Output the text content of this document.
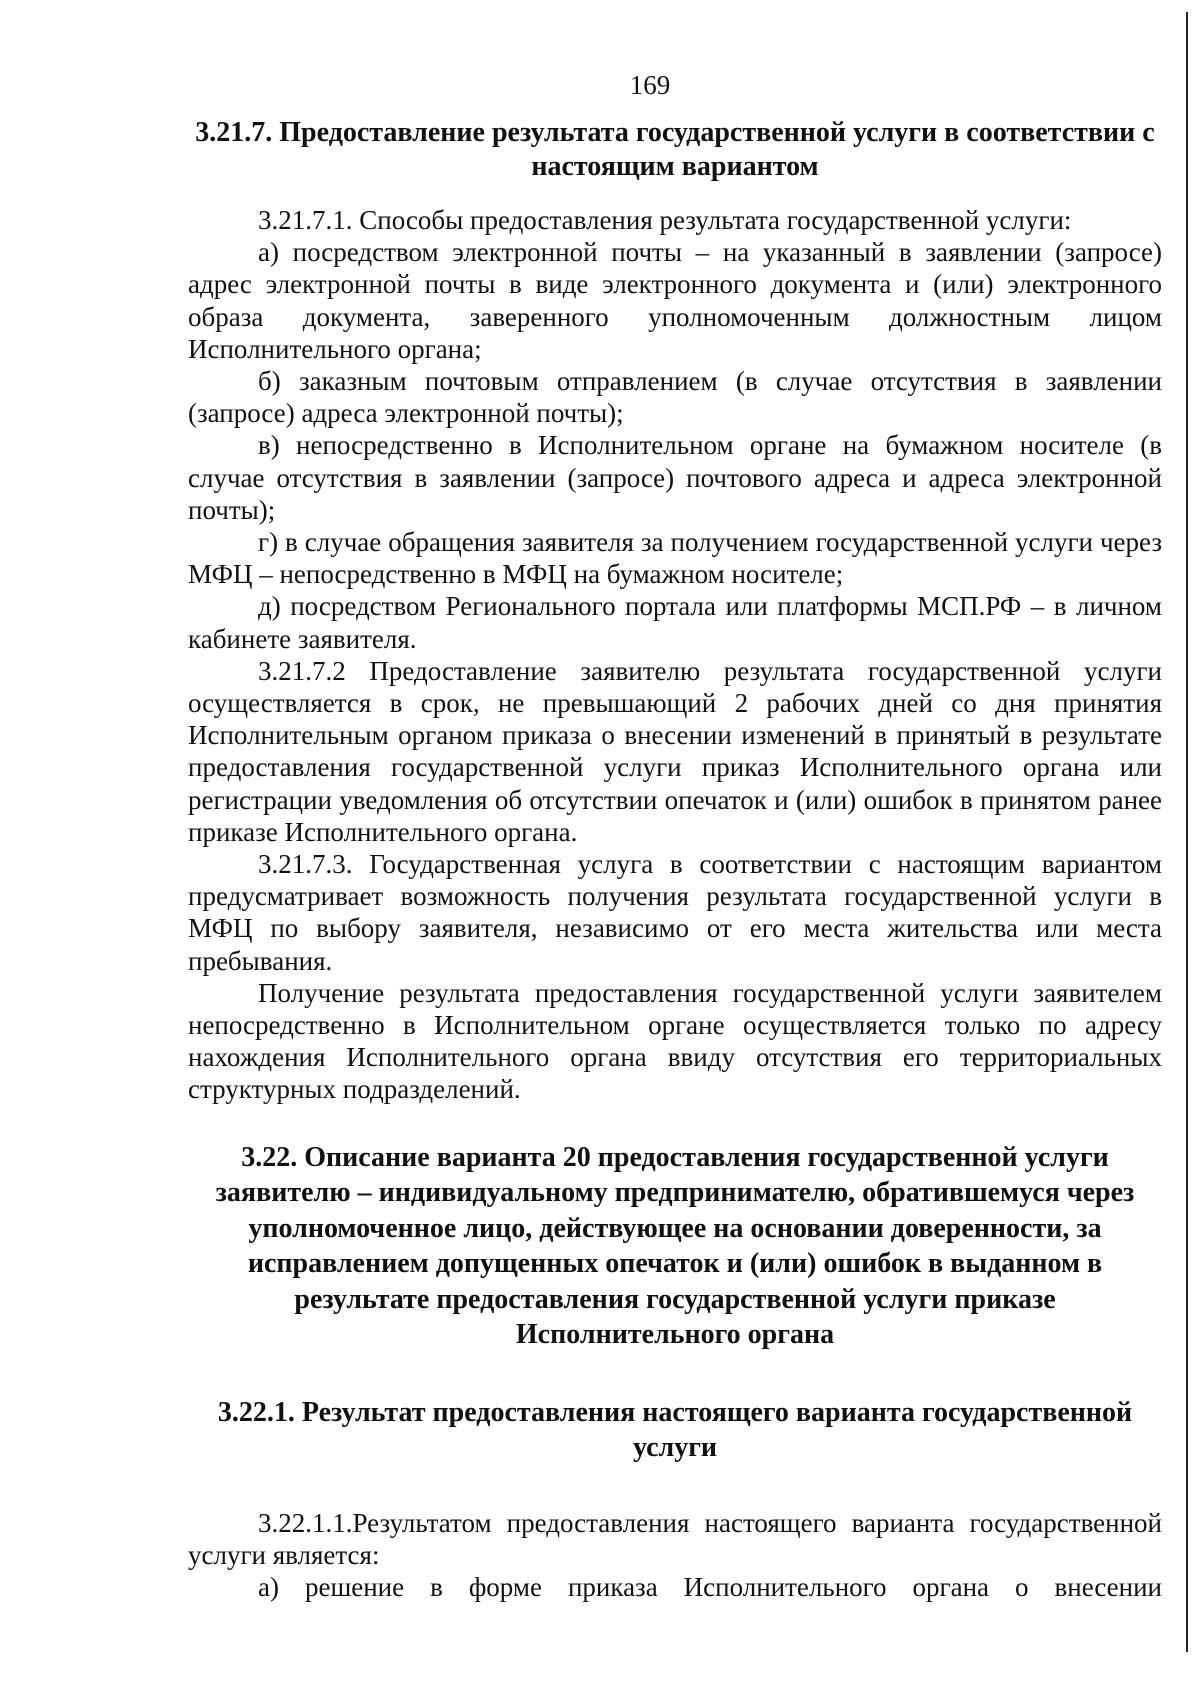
169
3.21.7. Предоставление результата государственной услуги в соответствии с настоящим вариантом

3.21.7.1. Способы предоставления результата государственной услуги:

а) посредством электронной почты – на указанный в заявлении (запросе) адрес электронной почты в виде электронного документа и (или) электронного образа документа, заверенного уполномоченным должностным лицом Исполнительного органа;

б) заказным почтовым отправлением (в случае отсутствия в заявлении (запросе) адреса электронной почты);

в) непосредственно в Исполнительном органе на бумажном носителе (в случае отсутствия в заявлении (запросе) почтового адреса и адреса электронной почты);

г) в случае обращения заявителя за получением государственной услуги через МФЦ – непосредственно в МФЦ на бумажном носителе;

д) посредством Регионального портала или платформы МСП.РФ – в личном кабинете заявителя.

3.21.7.2 Предоставление заявителю результата государственной услуги осуществляется в срок, не превышающий 2 рабочих дней со дня принятия Исполнительным органом приказа о внесении изменений в принятый в результате предоставления государственной услуги приказ Исполнительного органа или регистрации уведомления об отсутствии опечаток и (или) ошибок в принятом ранее приказе Исполнительного органа.

3.21.7.3. Государственная услуга в соответствии с настоящим вариантом предусматривает возможность получения результата государственной услуги в МФЦ по выбору заявителя, независимо от его места жительства или места пребывания.

Получение результата предоставления государственной услуги заявителем непосредственно в Исполнительном органе осуществляется только по адресу нахождения Исполнительного органа ввиду отсутствия его территориальных структурных подразделений.

3.22. Описание варианта 20 предоставления государственной услуги заявителю – индивидуальному предпринимателю, обратившемуся через уполномоченное лицо, действующее на основании доверенности, за исправлением допущенных опечаток и (или) ошибок в выданном в результате предоставления государственной услуги приказе Исполнительного органа
3.22.1. Результат предоставления настоящего варианта государственной услуги

3.22.1.1.Результатом предоставления настоящего варианта государственной услуги является:

а) решение в форме приказа Исполнительного органа о внесении
